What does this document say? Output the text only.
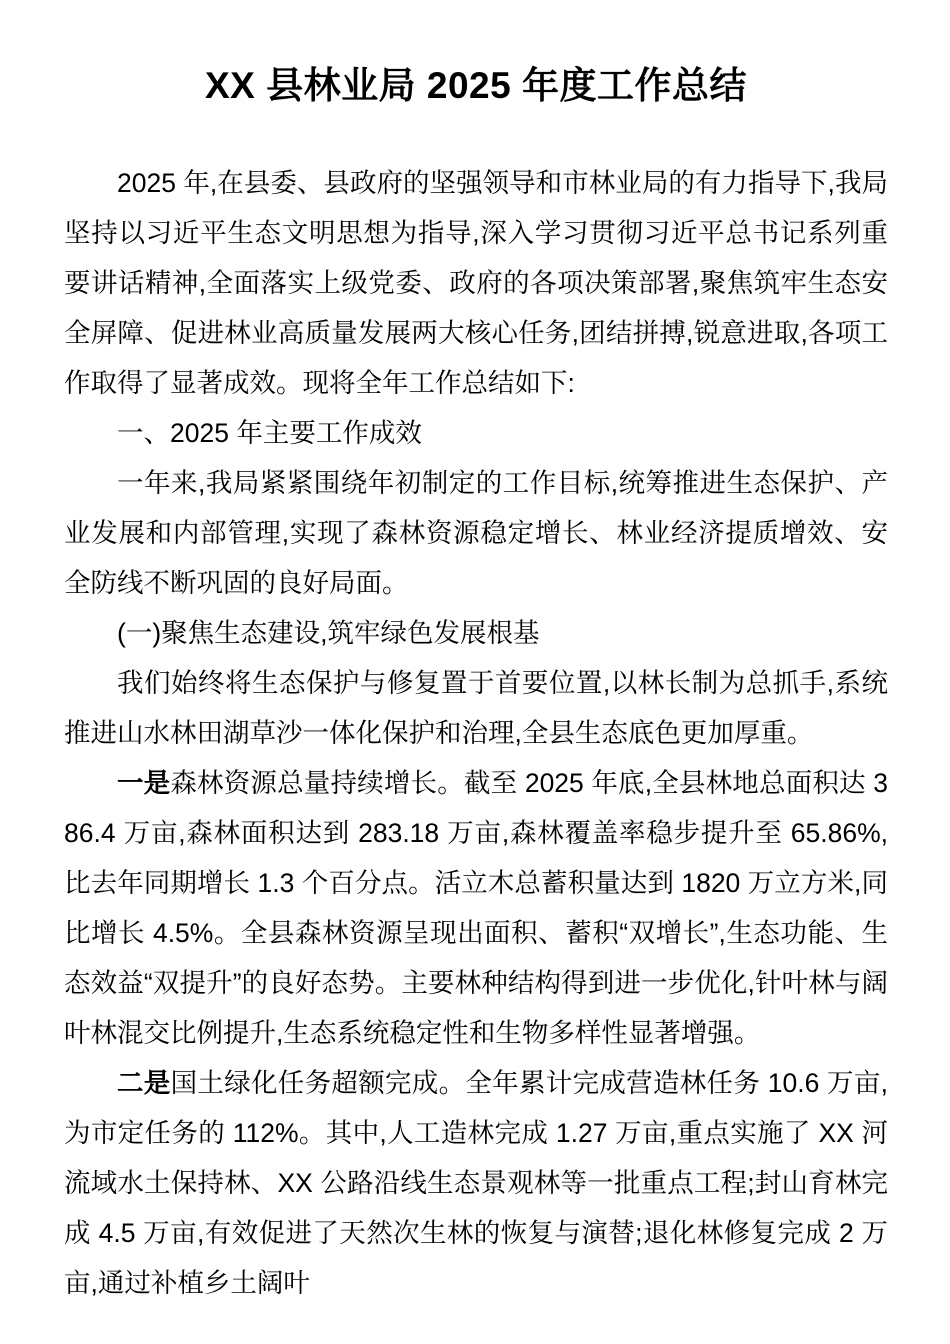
XX 县林业局 2025 年度工作总结

2025 年,在县委、县政府的坚强领导和市林业局的有力指导下,我局坚持以习近平生态文明思想为指导,深入学习贯彻习近平总书记系列重要讲话精神,全面落实上级党委、政府的各项决策部署,聚焦筑牢生态安全屏障、促进林业高质量发展两大核心任务,团结拼搏,锐意进取,各项工作取得了显著成效。现将全年工作总结如下:

一、2025 年主要工作成效

一年来,我局紧紧围绕年初制定的工作目标,统筹推进生态保护、产业发展和内部管理,实现了森林资源稳定增长、林业经济提质增效、安全防线不断巩固的良好局面。

(一)聚焦生态建设,筑牢绿色发展根基

我们始终将生态保护与修复置于首要位置,以林长制为总抓手,系统推进山水林田湖草沙一体化保护和治理,全县生态底色更加厚重。

一是森林资源总量持续增长。截至 2025 年底,全县林地总面积达 386.4 万亩,森林面积达到 283.18 万亩,森林覆盖率稳步提升至 65.86%,比去年同期增长 1.3 个百分点。活立木总蓄积量达到 1820 万立方米,同比增长 4.5%。全县森林资源呈现出面积、蓄积“双增长”,生态功能、生态效益“双提升”的良好态势。主要林种结构得到进一步优化,针叶林与阔叶林混交比例提升,生态系统稳定性和生物多样性显著增强。

二是国土绿化任务超额完成。全年累计完成营造林任务 10.6 万亩,为市定任务的 112%。其中,人工造林完成 1.27 万亩,重点实施了 XX 河流域水土保持林、XX 公路沿线生态景观林等一批重点工程;封山育林完成 4.5 万亩,有效促进了天然次生林的恢复与演替;退化林修复完成 2 万亩,通过补植乡土阔叶
